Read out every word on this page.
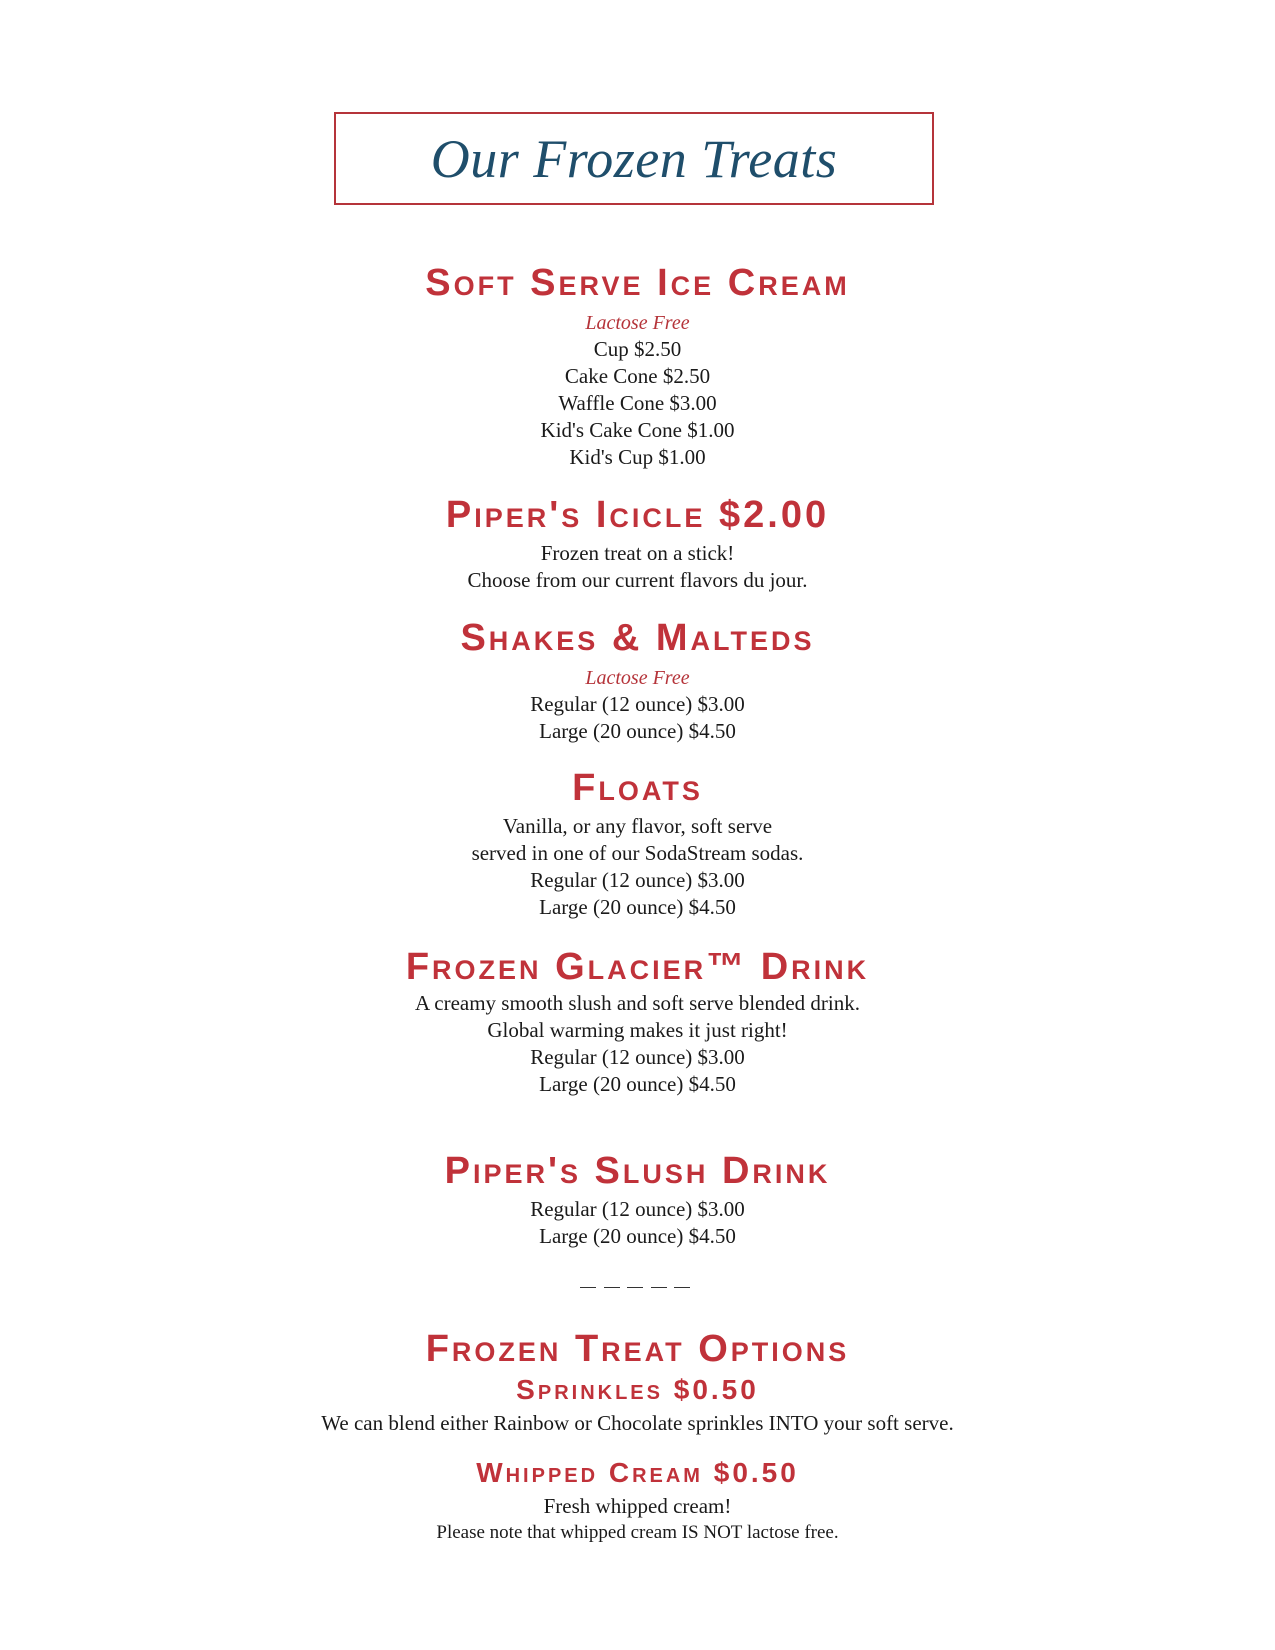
Our Frozen Treats
Soft Serve Ice Cream
Lactose Free
Cup $2.50
Cake Cone $2.50
Waffle Cone $3.00
Kid's Cake Cone $1.00
Kid's Cup $1.00
Piper's Icicle $2.00
Frozen treat on a stick!
Choose from our current flavors du jour.
Shakes & Malteds
Lactose Free
Regular (12 ounce) $3.00
Large (20 ounce) $4.50
Floats
Vanilla, or any flavor, soft serve
served in one of our SodaStream sodas.
Regular (12 ounce) $3.00
Large (20 ounce) $4.50
Frozen Glacier™ Drink
A creamy smooth slush and soft serve blended drink.
Global warming makes it just right!
Regular (12 ounce) $3.00
Large (20 ounce) $4.50
Piper's Slush Drink
Regular (12 ounce) $3.00
Large (20 ounce) $4.50
Frozen Treat Options
Sprinkles $0.50
We can blend either Rainbow or Chocolate sprinkles INTO your soft serve.
Whipped Cream $0.50
Fresh whipped cream!
Please note that whipped cream IS NOT lactose free.
